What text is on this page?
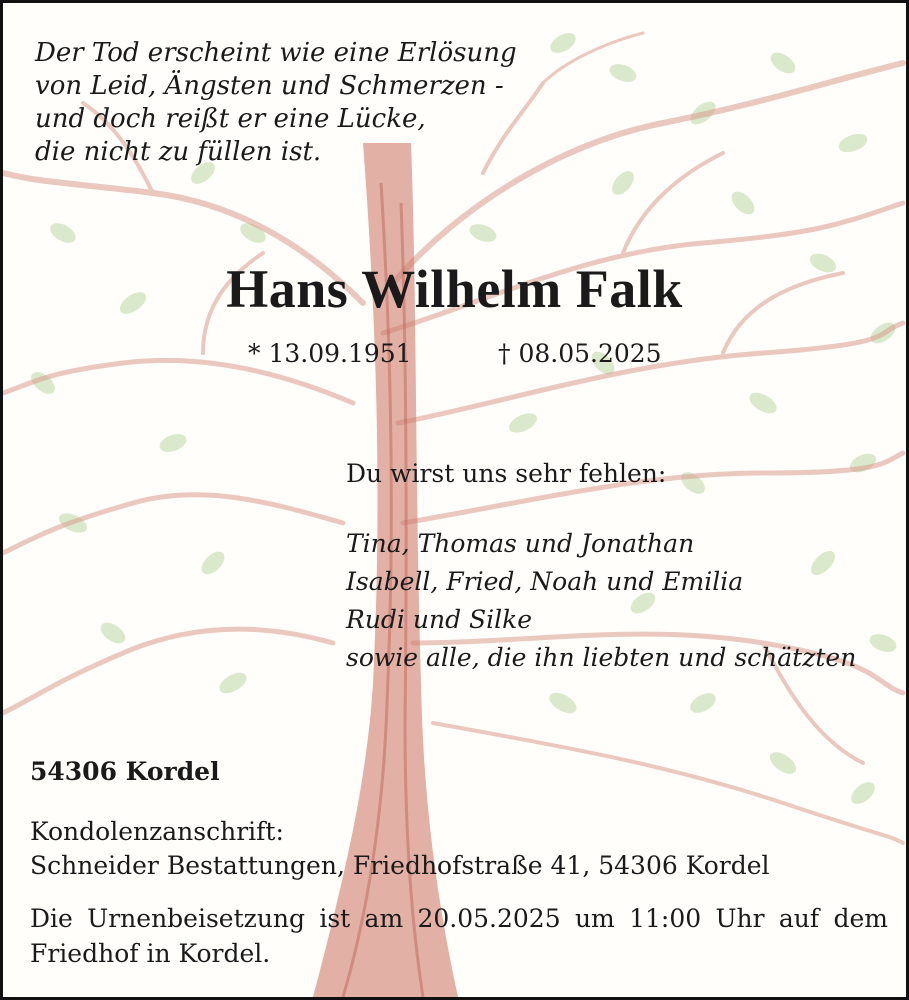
Der Tod erscheint wie eine Erlösung
von Leid, Ängsten und Schmerzen -
und doch reißt er eine Lücke,
die nicht zu füllen ist.
Hans Wilhelm Falk
* 13.09.1951	† 08.05.2025
Du wirst uns sehr fehlen:
Tina, Thomas und Jonathan
Isabell, Fried, Noah und Emilia
Rudi und Silke
sowie alle, die ihn liebten und schätzten
54306 Kordel
Kondolenzanschrift:
Schneider Bestattungen, Friedhofstraße 41, 54306 Kordel
Die Urnenbeisetzung ist am 20.05.2025 um 11:00 Uhr auf dem Friedhof in Kordel.
